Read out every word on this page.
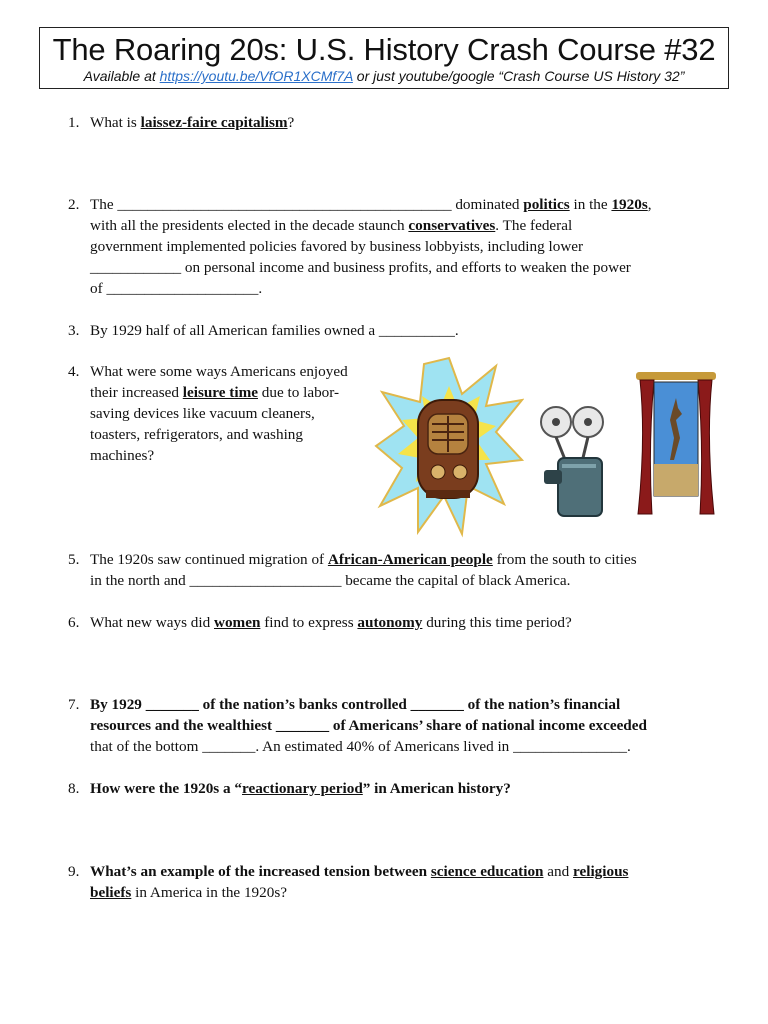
The Roaring 20s: U.S. History Crash Course #32
Available at https://youtu.be/VfOR1XCMf7A or just youtube/google “Crash Course US History 32”
1. What is laissez-faire capitalism?
2. The ____________________________________________ dominated politics in the 1920s,
with all the presidents elected in the decade staunch conservatives. The federal
government implemented policies favored by business lobbyists, including lower
____________ on personal income and business profits, and efforts to weaken the power
of ____________________.
3. By 1929 half of all American families owned a __________.
4. What were some ways Americans enjoyed
their increased leisure time due to labor-
saving devices like vacuum cleaners,
toasters, refrigerators, and washing
machines?
5. The 1920s saw continued migration of African-American people from the south to cities
in the north and ____________________ became the capital of black America.
6. What new ways did women find to express autonomy during this time period?
7. By 1929 _______ of the nation’s banks controlled _______ of the nation’s financial
resources and the wealthiest _______ of Americans’ share of national income exceeded
that of the bottom _______. An estimated 40% of Americans lived in _______________.
8. How were the 1920s a “reactionary period” in American history?
9. What’s an example of the increased tension between science education and religious
beliefs in America in the 1920s?
